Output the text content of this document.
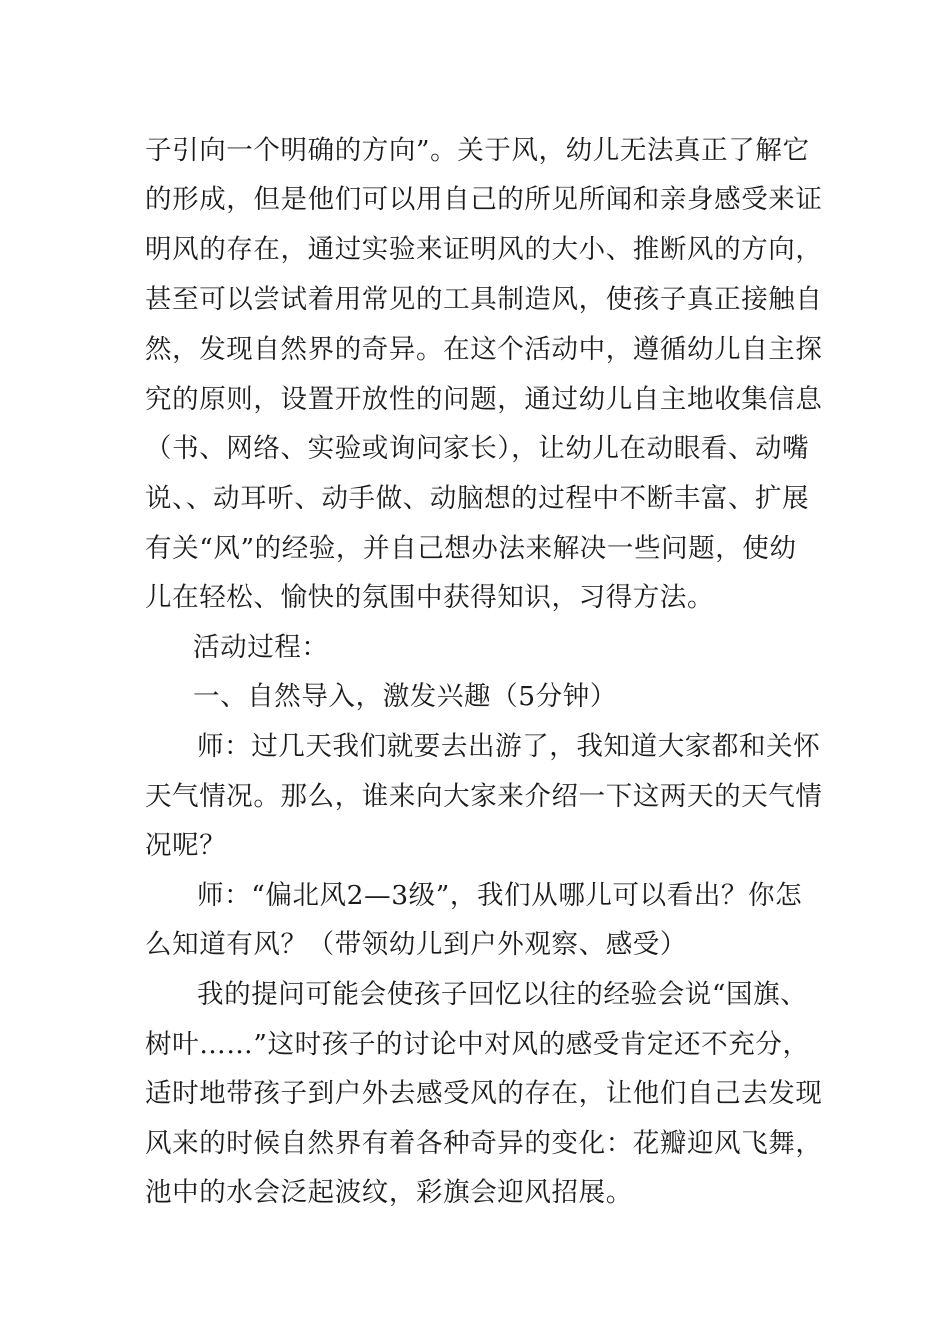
子引向一个明确的方向”。关于风，幼儿无法真正了解它
的形成，但是他们可以用自己的所见所闻和亲身感受来证
明风的存在，通过实验来证明风的大小、推断风的方向，
甚至可以尝试着用常见的工具制造风，使孩子真正接触自
然，发现自然界的奇异。在这个活动中，遵循幼儿自主探
究的原则，设置开放性的问题，通过幼儿自主地收集信息
（书、网络、实验或询问家长），让幼儿在动眼看、动嘴
说、、动耳听、动手做、动脑想的过程中不断丰富、扩展
有关“风”的经验，并自己想办法来解决一些问题，使幼
儿在轻松、愉快的氛围中获得知识，习得方法。
活动过程：
一、自然导入，激发兴趣（5分钟）
师：过几天我们就要去出游了，我知道大家都和关怀
天气情况。那么，谁来向大家来介绍一下这两天的天气情
况呢？
师：“偏北风2—3级”，我们从哪儿可以看出？你怎
么知道有风？（带领幼儿到户外观察、感受）
我的提问可能会使孩子回忆以往的经验会说“国旗、
树叶……”这时孩子的讨论中对风的感受肯定还不充分，
适时地带孩子到户外去感受风的存在，让他们自己去发现
风来的时候自然界有着各种奇异的变化：花瓣迎风飞舞，
池中的水会泛起波纹，彩旗会迎风招展。
